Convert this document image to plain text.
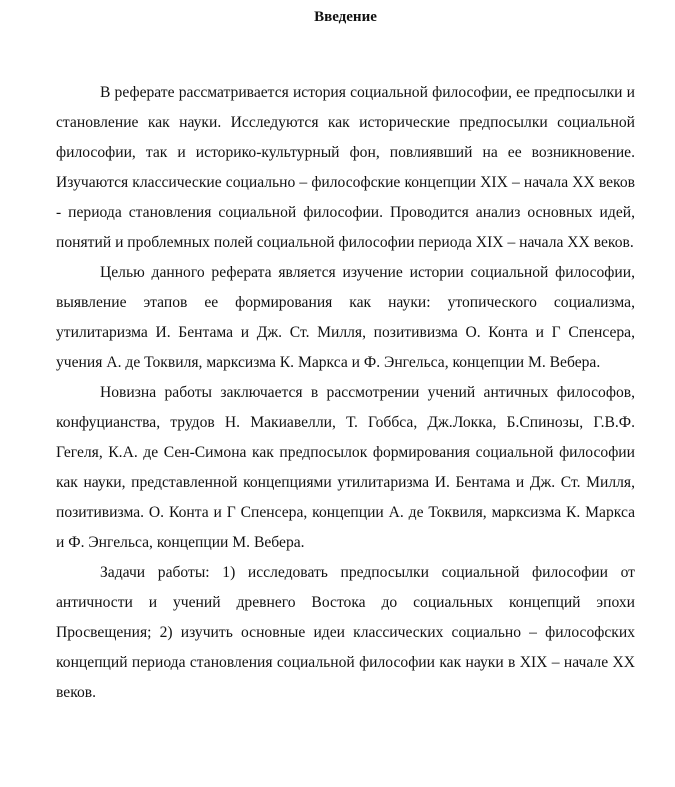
Введение

В реферате рассматривается история социальной философии, ее предпосылки и становление как науки. Исследуются как исторические предпосылки социальной философии, так и историко-культурный фон, повлиявший на ее возникновение. Изучаются классические социально – философские концепции XIX – начала XX веков - периода становления социальной философии. Проводится анализ основных идей, понятий и проблемных полей социальной философии периода XIX – начала XX веков.

Целью данного реферата является изучение истории социальной философии, выявление этапов ее формирования как науки: утопического социализма, утилитаризма И. Бентама и Дж. Ст. Милля, позитивизма О. Конта и Г Спенсера, учения А. де Токвиля, марксизма К. Маркса и Ф. Энгельса, концепции М. Вебера.

Новизна работы заключается в рассмотрении учений античных философов, конфуцианства, трудов Н. Макиавелли, Т. Гоббса, Дж.Локка, Б.Спинозы, Г.В.Ф. Гегеля, К.А. де Сен-Симона как предпосылок формирования социальной философии как науки, представленной концепциями утилитаризма И. Бентама и Дж. Ст. Милля, позитивизма. О. Конта и Г Спенсера, концепции А. де Токвиля, марксизма К. Маркса и Ф. Энгельса, концепции М. Вебера.

Задачи работы: 1) исследовать предпосылки социальной философии от античности и учений древнего Востока до социальных концепций эпохи Просвещения; 2) изучить основные идеи классических социально – философских концепций периода становления социальной философии как науки в XIX – начале XX веков.
